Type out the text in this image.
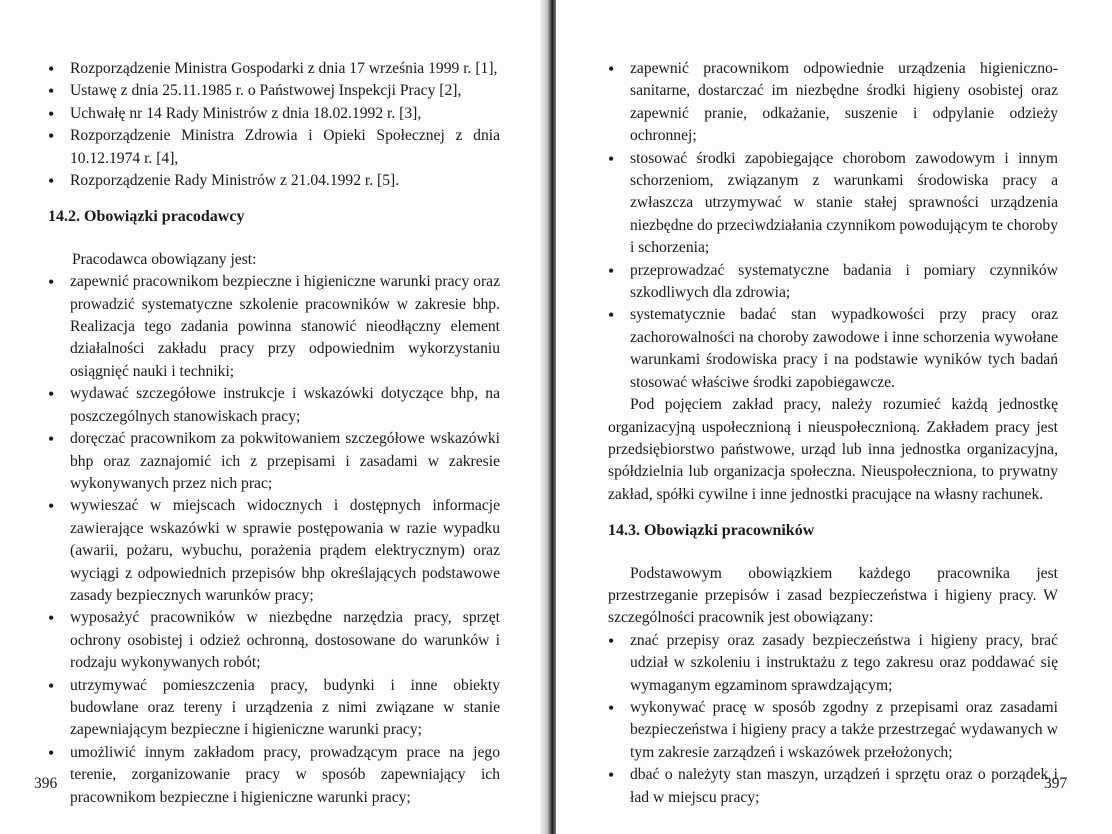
• Rozporządzenie Ministra Gospodarki z dnia 17 września 1999 r. [1],
• Ustawę z dnia 25.11.1985 r. o Państwowej Inspekcji Pracy [2],
• Uchwałę nr 14 Rady Ministrów z dnia 18.02.1992 r. [3],
• Rozporządzenie Ministra Zdrowia i Opieki Społecznej z dnia 10.12.1974 r. [4],
• Rozporządzenie Rady Ministrów z 21.04.1992 r. [5].
14.2. Obowiązki pracodawcy

Pracodawca obowiązany jest:

• zapewnić pracownikom bezpieczne i higieniczne warunki pracy oraz prowadzić systematyczne szkolenie pracowników w zakresie bhp. Realizacja tego zadania powinna stanowić nieodłączny element działalności zakładu pracy przy odpowiednim wykorzystaniu osiągnięć nauki i techniki;
• wydawać szczegółowe instrukcje i wskazówki dotyczące bhp, na poszczególnych stanowiskach pracy;
• doręczać pracownikom za pokwitowaniem szczegółowe wskazówki bhp oraz zaznajomić ich z przepisami i zasadami w zakresie wykonywanych przez nich prac;
• wywieszać w miejscach widocznych i dostępnych informacje zawierające wskazówki w sprawie postępowania w razie wypadku (awarii, pożaru, wybuchu, porażenia prądem elektrycznym) oraz wyciągi z odpowiednich przepisów bhp określających podstawowe zasady bezpiecznych warunków pracy;
• wyposażyć pracowników w niezbędne narzędzia pracy, sprzęt ochrony osobistej i odzież ochronną, dostosowane do warunków i rodzaju wykonywanych robót;
• utrzymywać pomieszczenia pracy, budynki i inne obiekty budowlane oraz tereny i urządzenia z nimi związane w stanie zapewniającym bezpieczne i higieniczne warunki pracy;
• umożliwić innym zakładom pracy, prowadzącym prace na jego terenie, zorganizowanie pracy w sposób zapewniający ich pracownikom bezpieczne i higieniczne warunki pracy;
396
• zapewnić pracownikom odpowiednie urządzenia higieniczno-sanitarne, dostarczać im niezbędne środki higieny osobistej oraz zapewnić pranie, odkażanie, suszenie i odpylanie odzieży ochronnej;
• stosować środki zapobiegające chorobom zawodowym i innym schorzeniom, związanym z warunkami środowiska pracy a zwłaszcza utrzymywać w stanie stałej sprawności urządzenia niezbędne do przeciwdziałania czynnikom powodującym te choroby i schorzenia;
• przeprowadzać systematyczne badania i pomiary czynników szkodliwych dla zdrowia;
• systematycznie badać stan wypadkowości przy pracy oraz zachorowalności na choroby zawodowe i inne schorzenia wywołane warunkami środowiska pracy i na podstawie wyników tych badań stosować właściwe środki zapobiegawcze.

Pod pojęciem zakład pracy, należy rozumieć każdą jednostkę organizacyjną uspołecznioną i nieuspołecznioną. Zakładem pracy jest przedsiębiorstwo państwowe, urząd lub inna jednostka organizacyjna, spółdzielnia lub organizacja społeczna. Nieuspołeczniona, to prywatny zakład, spółki cywilne i inne jednostki pracujące na własny rachunek.

14.3. Obowiązki pracowników

Podstawowym obowiązkiem każdego pracownika jest przestrzeganie przepisów i zasad bezpieczeństwa i higieny pracy. W szczególności pracownik jest obowiązany:

• znać przepisy oraz zasady bezpieczeństwa i higieny pracy, brać udział w szkoleniu i instruktażu z tego zakresu oraz poddawać się wymaganym egzaminom sprawdzającym;
• wykonywać pracę w sposób zgodny z przepisami oraz zasadami bezpieczeństwa i higieny pracy a także przestrzegać wydawanych w tym zakresie zarządzeń i wskazówek przełożonych;
• dbać o należyty stan maszyn, urządzeń i sprzętu oraz o porządek i ład w miejscu pracy;
397
